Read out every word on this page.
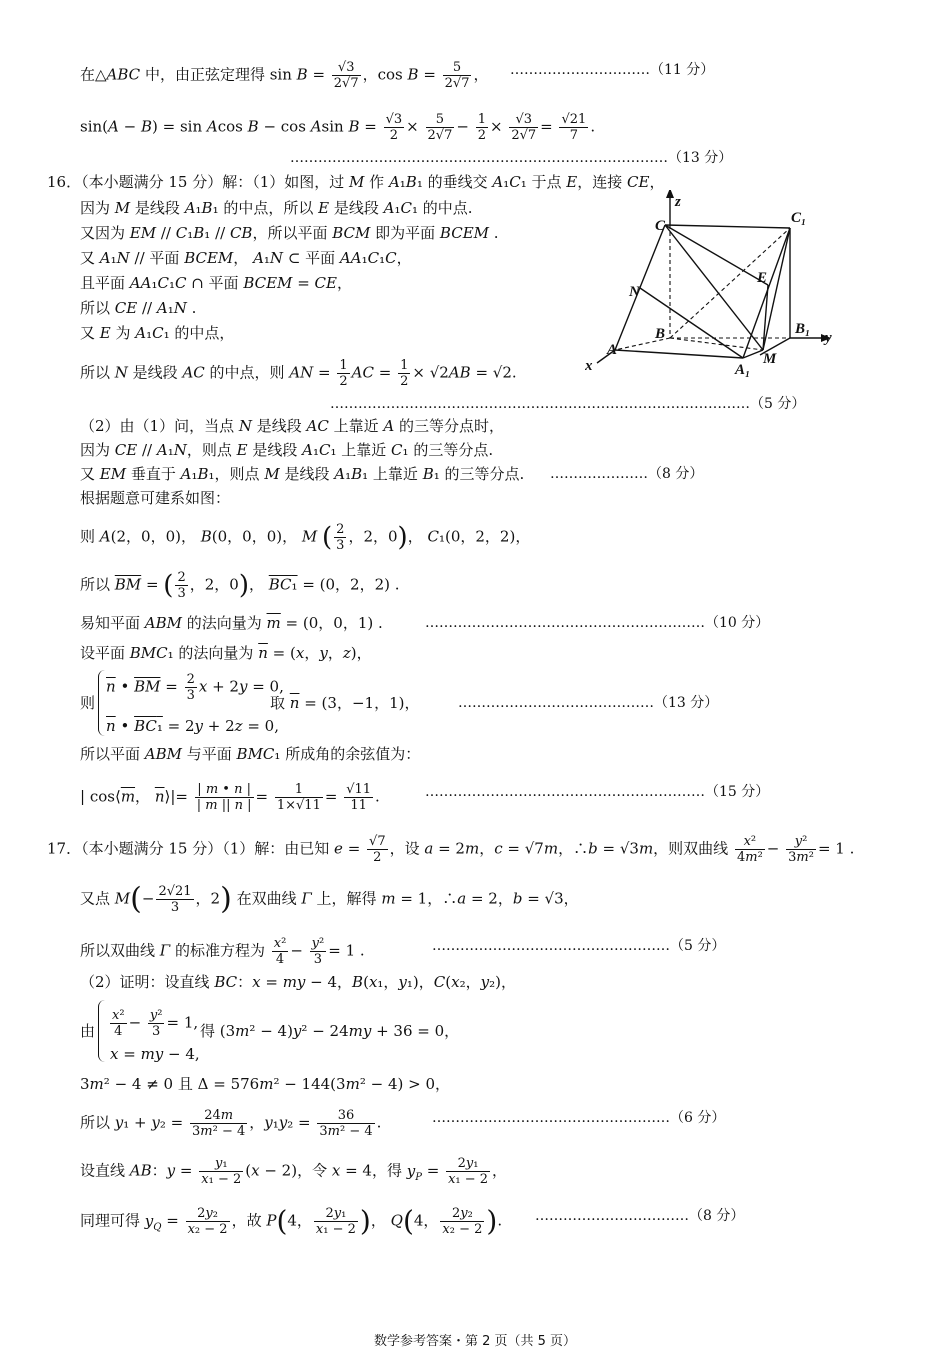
在△ABC 中，由正弦定理得 $\sin B = \frac{√3}{2√7}$ ，$\cos B = \frac{5}{2√7}$ ， …………………………（11 分）
sin(A − B) = sin Acos B − cos Asin $B = \frac{√3}{2} \times \frac{5}{2√7} - \frac{1}{2} \times \frac{√3}{2√7} = \frac{√21}{7}$ .
………………………………………………………………………（13 分）
16．（本小题满分 15 分）解：（1）如图，过 M 作 A₁B₁ 的垂线交 A₁C₁ 于点 E，连接 CE，
因为 M 是线段 A₁B₁ 的中点，所以 E 是线段 A₁C₁ 的中点.
又因为 EM // C₁B₁ // CB，所以平面 BCM 即为平面 BCEM .
又 A₁N // 平面 BCEM， A₁N ⊂ 平面 AA₁C₁C，
且平面 AA₁C₁C ∩ 平面 BCEM = CE，
所以 CE // A₁N .
又 E 为 A₁C₁ 的中点，
所以 N 是线段 AC 的中点，则 AN = $\frac{1}{2}$ AC = $\frac{1}{2} \times √2AB = √2$.
………………………………………………………………………………（5 分）
z
C	C₁
N
E
B	B₁
y
A
M
A₁
x
（2）由（1）问，当点 N 是线段 AC 上靠近 A 的三等分点时，
因为 CE // A₁N，则点 E 是线段 A₁C₁ 上靠近 C₁ 的三等分点.
又 EM 垂直于 A₁B₁，则点 M 是线段 A₁B₁ 上靠近 B₁ 的三等分点. …………………（8 分）
根据题意可建系如图：
则 A(2，0，0)， B(0，0，0)， M ( $\frac{2}{3}$ ，2，0)， C₁(0，2，2)，
所以 $\overline{BM}$ = ( $\frac{2}{3}$ ，2，0)， BC₁ = (0，2，2) .
易知平面 ABM 的法向量为 $\overline{m} = (0$，0，1) .	……………………………………………………（10 分）
设平面 BMC₁ 的法向量为 $\overline{n} = (x$，y，z)，
则
$\overline{n}$ • $\overline{BM} = \frac{2}{3}$ x + 2y = 0,
$\overline{n}$ • BC₁ = 2y + 2z = 0,
取 $\overline{n} = (3$，−1，1)，	……………………………………（13 分）
所以平面 ABM 与平面 BMC₁ 所成角的余弦值为：
| $\cos⟨\overline{m}$， $\overline{n}⟩|= \frac{| m • n |}{| m || n |} = \frac{1}{1\times√11} = \frac{√11}{11}$ .	……………………………………………………（15 分）
17．（本小题满分 15 分）（1）解：由已知 $e = \frac{√7}{2}$ ，设 a = 2m，c = √7m，∴b = √3m，则双曲线 $\frac{\text{x²}}{\text{4m²}} - \frac{\text{y²}}{\text{3m²}} = 1$ .
又点 $M(- \frac{2√21}{3}$ ，2) 在双曲线 Γ 上，解得 m = 1，∴a = 2，b = √3，
所以双曲线 Γ 的标准方程为 $\frac{\text{x²}}{4} - \frac{\text{y²}}{3} = 1$ .	……………………………………………（5 分）
（2）证明：设直线 BC：x = my − 4，B(x₁，y₁)，C(x₂，y₂)，
由 $\frac{\text{x²}}{4} - \frac{\text{y²}}{3} = 1$,
x = my − 4,
得 (3m² − 4)y² − 24my + 36 = 0，
3m² − 4 ≠ 0 且 Δ = 576m² − 144(3m² − 4) > 0，
所以 $y_1 + y_2 = \frac{24m}{\text{3m² − 4}}$ ，$y_1y_2 = \frac{36}{\text{3m² − 4}}$ .	……………………………………………（6 分）
设直线 AB：$y = \frac{\text{y₁}}{\text{x₁ − 2}} (x - 2)$，令 x = 4，得 $y_P = \frac{\text{2y₁}}{\text{x₁ − 2}}$ ，
同理可得 $y_Q = \frac{\text{2y₂}}{\text{x₂ − 2}}$ ，故 P(4， $\frac{\text{2y₁}}{\text{x₁ − 2}}$ )， Q(4， $\frac{\text{2y₂}}{\text{x₂ − 2}}$ ). ……………………………（8 分）
数学参考答案・第 2 页（共 5 页）
